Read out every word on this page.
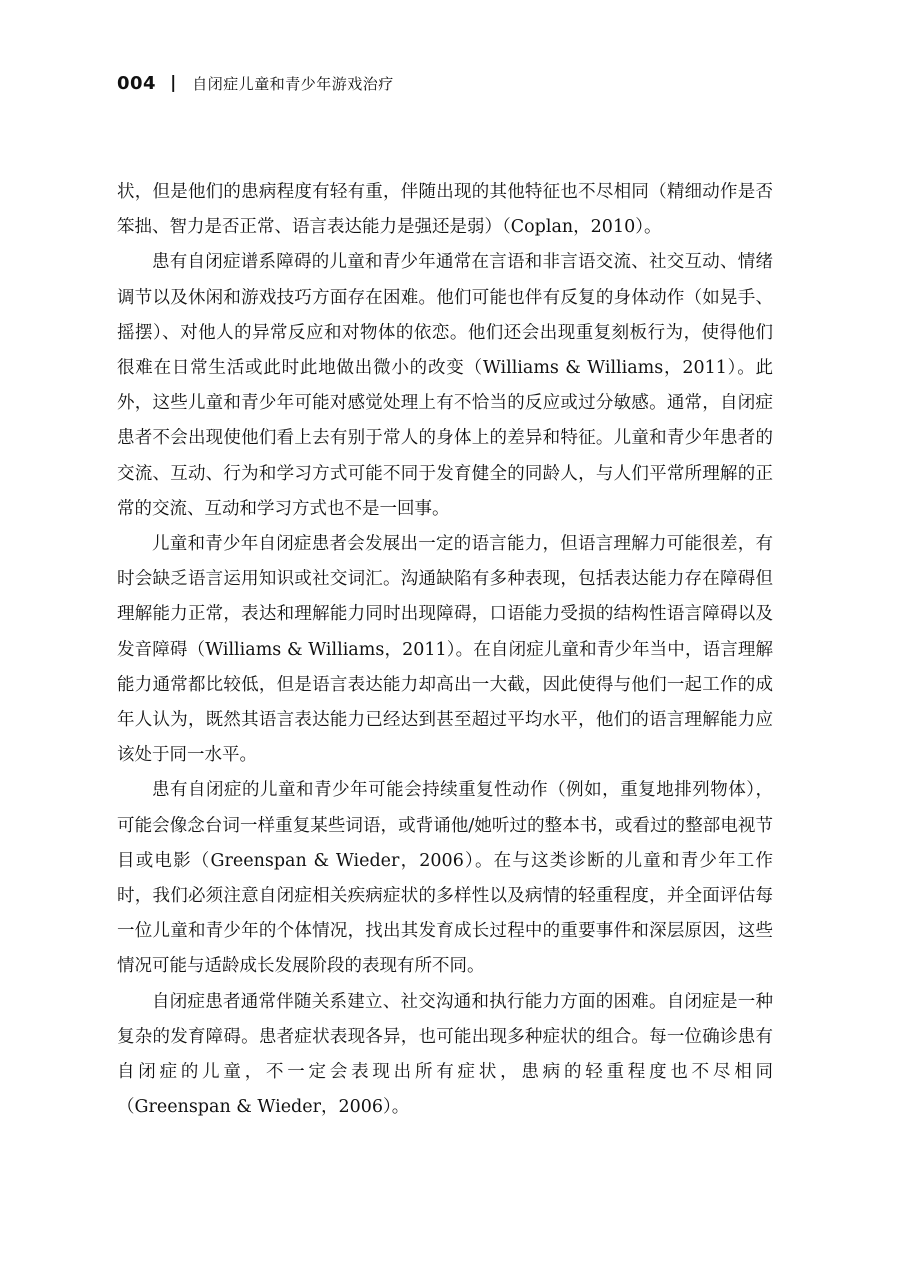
004 | 自闭症儿童和青少年游戏治疗

状，但是他们的患病程度有轻有重，伴随出现的其他特征也不尽相同（精细动作是否笨拙、智力是否正常、语言表达能力是强还是弱）（Coplan，2010）。

患有自闭症谱系障碍的儿童和青少年通常在言语和非言语交流、社交互动、情绪调节以及休闲和游戏技巧方面存在困难。他们可能也伴有反复的身体动作（如晃手、摇摆）、对他人的异常反应和对物体的依恋。他们还会出现重复刻板行为，使得他们很难在日常生活或此时此地做出微小的改变（Williams & Williams，2011）。此外，这些儿童和青少年可能对感觉处理上有不恰当的反应或过分敏感。通常，自闭症患者不会出现使他们看上去有别于常人的身体上的差异和特征。儿童和青少年患者的交流、互动、行为和学习方式可能不同于发育健全的同龄人，与人们平常所理解的正常的交流、互动和学习方式也不是一回事。

儿童和青少年自闭症患者会发展出一定的语言能力，但语言理解力可能很差，有时会缺乏语言运用知识或社交词汇。沟通缺陷有多种表现，包括表达能力存在障碍但理解能力正常，表达和理解能力同时出现障碍，口语能力受损的结构性语言障碍以及发音障碍（Williams & Williams，2011）。在自闭症儿童和青少年当中，语言理解能力通常都比较低，但是语言表达能力却高出一大截，因此使得与他们一起工作的成年人认为，既然其语言表达能力已经达到甚至超过平均水平，他们的语言理解能力应该处于同一水平。

患有自闭症的儿童和青少年可能会持续重复性动作（例如，重复地排列物体），可能会像念台词一样重复某些词语，或背诵他/她听过的整本书，或看过的整部电视节目或电影（Greenspan & Wieder，2006）。在与这类诊断的儿童和青少年工作时，我们必须注意自闭症相关疾病症状的多样性以及病情的轻重程度，并全面评估每一位儿童和青少年的个体情况，找出其发育成长过程中的重要事件和深层原因，这些情况可能与适龄成长发展阶段的表现有所不同。

自闭症患者通常伴随关系建立、社交沟通和执行能力方面的困难。自闭症是一种复杂的发育障碍。患者症状表现各异，也可能出现多种症状的组合。每一位确诊患有自闭症的儿童，不一定会表现出所有症状，患病的轻重程度也不尽相同（Greenspan & Wieder，2006）。
